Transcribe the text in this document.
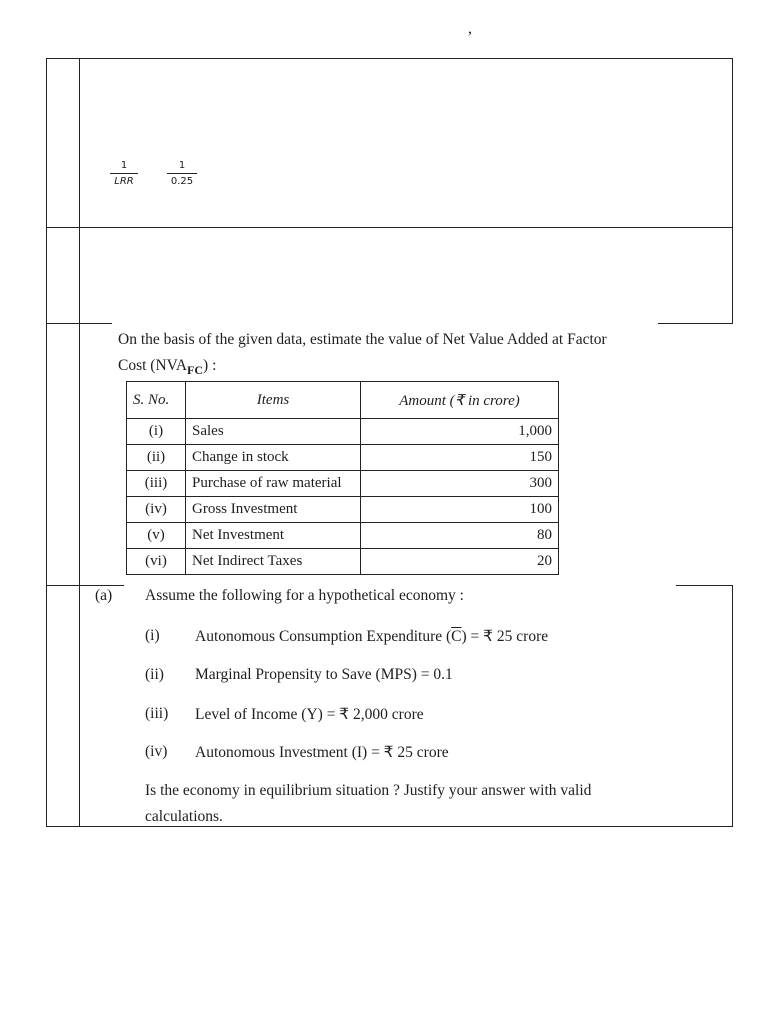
,
1
LRR
1
0.25
On the basis of the given data, estimate the value of Net Value Added at Factor
Cost $(NVA_{FC})$ :
S. No.	Items	Amount (₹ in crore)
(i)	Sales	1,000
(ii)	Change in stock	150
(iii)	Purchase of raw material	300
(iv)	Gross Investment	100
(v)	Net Investment	80
(vi)	Net Indirect Taxes	20
(a) Assume the following for a hypothetical economy :
(i) Autonomous Consumption Expenditure $(\overline{C})$ = ₹ 25 crore
(ii) Marginal Propensity to Save (MPS) = 0.1
(iii) Level of Income (Y) = ₹ 2,000 crore
(iv) Autonomous Investment (I) = ₹ 25 crore
Is the economy in equilibrium situation ? Justify your answer with valid
calculations.
